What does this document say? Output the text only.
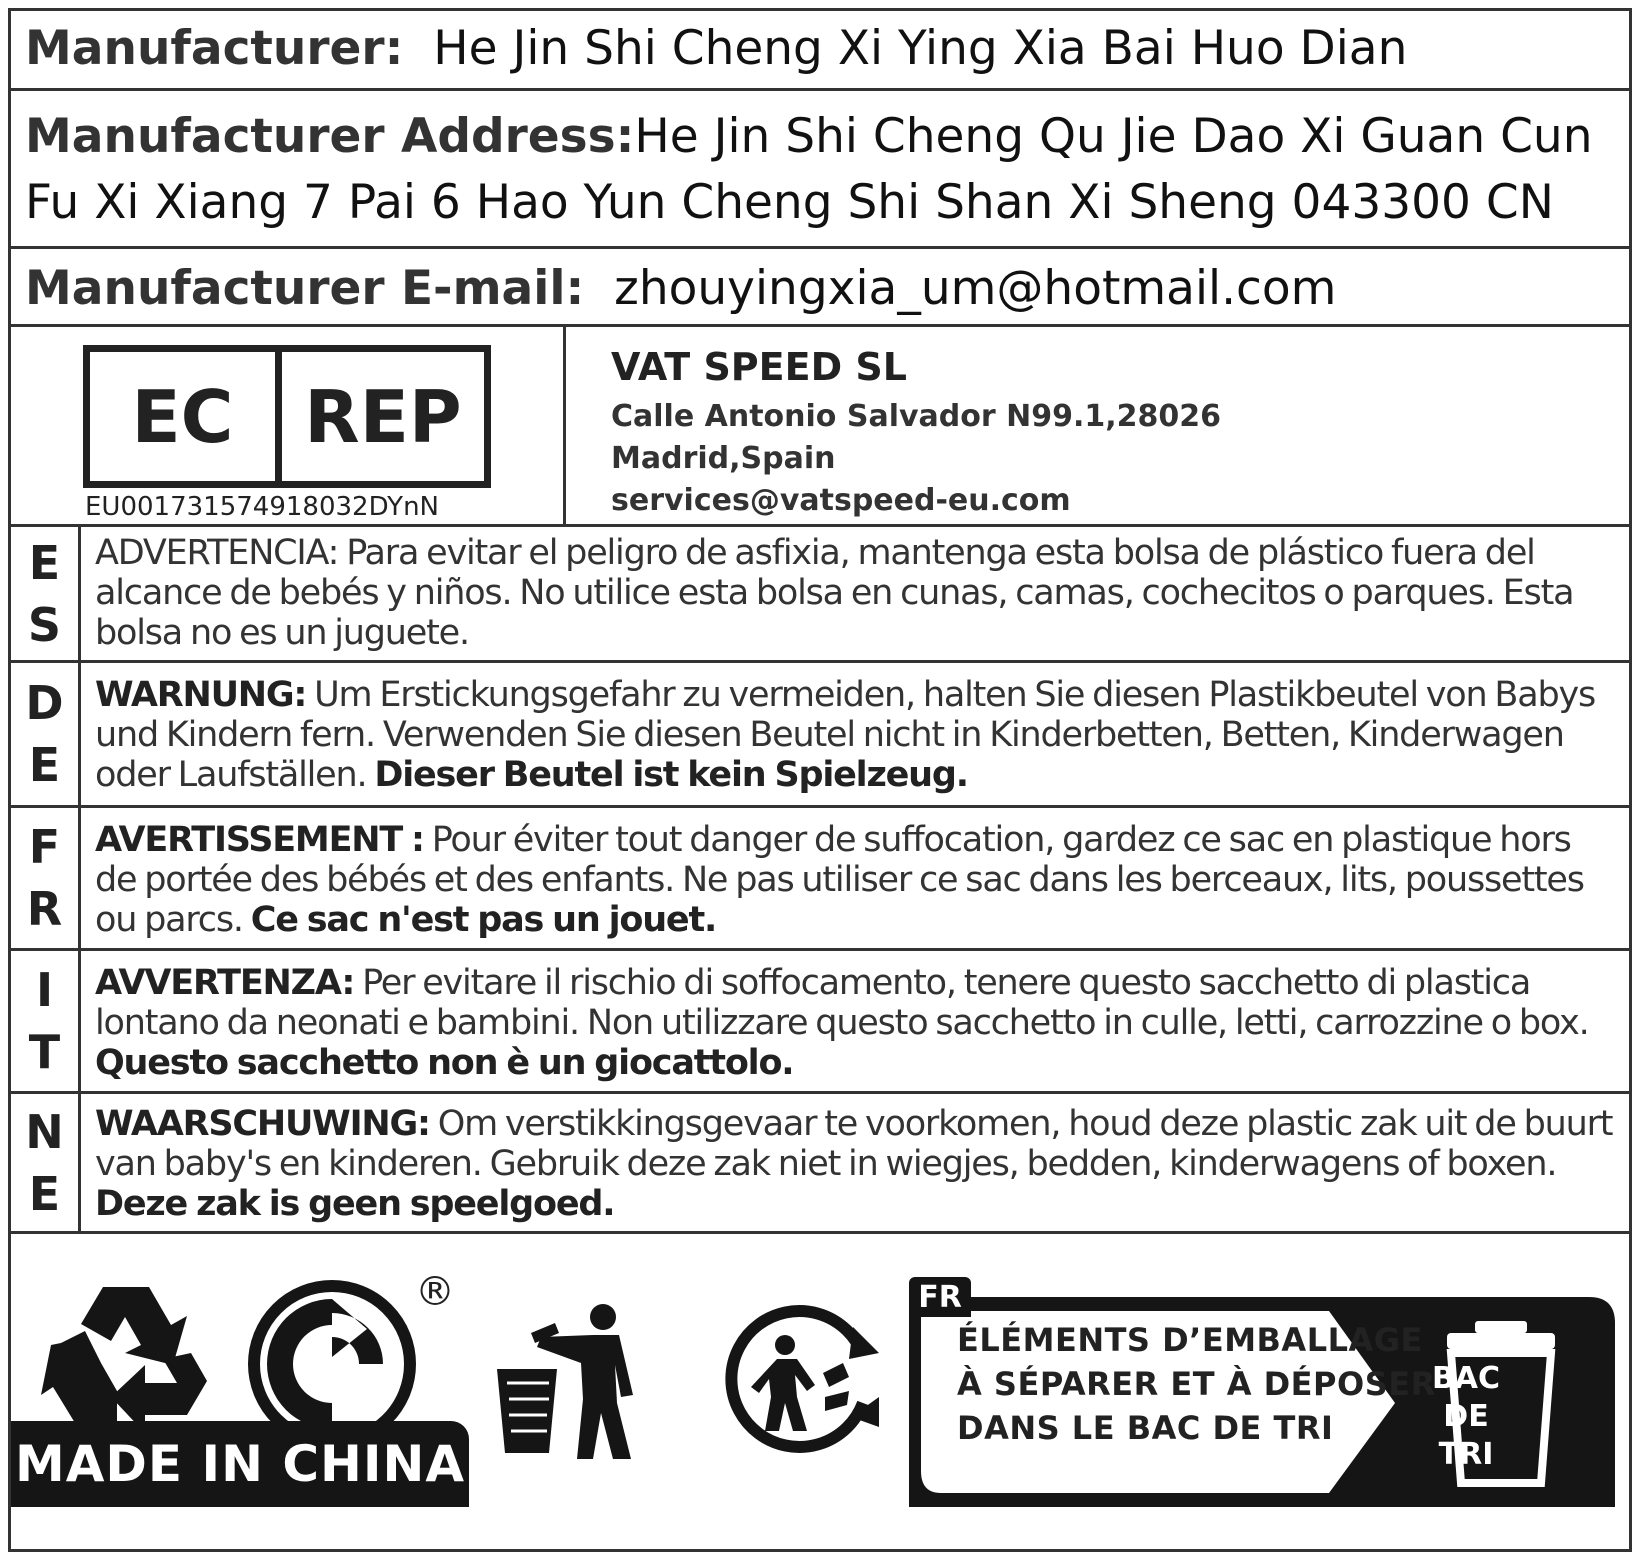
Manufacturer: He Jin Shi Cheng Xi Ying Xia Bai Huo Dian
Manufacturer Address:He Jin Shi Cheng Qu Jie Dao Xi Guan Cun
Fu Xi Xiang 7 Pai 6 Hao Yun Cheng Shi Shan Xi Sheng 043300 CN
Manufacturer E-mail: zhouyingxia_um@hotmail.com
EC REP
EU001731574918032DYnN
VAT SPEED SL
Calle Antonio Salvador N99.1,28026
Madrid,Spain
services@vatspeed-eu.com
E
S
ADVERTENCIA: Para evitar el peligro de asfixia, mantenga esta bolsa de plástico fuera del alcance de bebés y niños. No utilice esta bolsa en cunas, camas, cochecitos o parques. Esta bolsa no es un juguete.
D
E
WARNUNG: Um Erstickungsgefahr zu vermeiden, halten Sie diesen Plastikbeutel von Babys und Kindern fern. Verwenden Sie diesen Beutel nicht in Kinderbetten, Betten, Kinderwagen oder Laufställen. Dieser Beutel ist kein Spielzeug.
F
R
AVERTISSEMENT : Pour éviter tout danger de suffocation, gardez ce sac en plastique hors de portée des bébés et des enfants. Ne pas utiliser ce sac dans les berceaux, lits, poussettes ou parcs. Ce sac n'est pas un jouet.
I
T
AVVERTENZA: Per evitare il rischio di soffocamento, tenere questo sacchetto di plastica lontano da neonati e bambini. Non utilizzare questo sacchetto in culle, letti, carrozzine o box. Questo sacchetto non è un giocattolo.
N
E
WAARSCHUWING: Om verstikkingsgevaar te voorkomen, houd deze plastic zak uit de buurt van baby's en kinderen. Gebruik deze zak niet in wiegjes, bedden, kinderwagens of boxen. Deze zak is geen speelgoed.
®
MADE IN CHINA
FR
ÉLÉMENTS D’EMBALLAGE
À SÉPARER ET À DÉPOSER
DANS LE BAC DE TRI
BAC
DE
TRI
